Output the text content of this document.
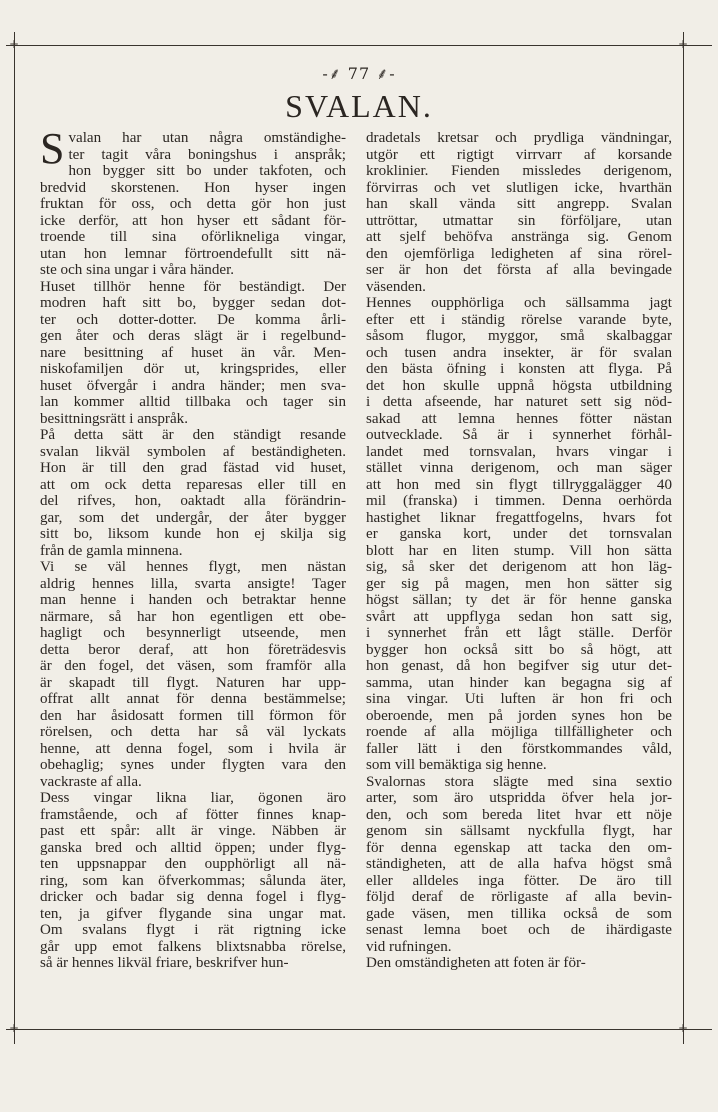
+	+
+	+
-⸙ 77 ⸙-
SVALAN.
S valan har utan några omständighe-
ter tagit våra boningshus i anspråk;
hon bygger sitt bo under takfoten, och
bredvid skorstenen. Hon hyser ingen
fruktan för oss, och detta gör hon just
icke derför, att hon hyser ett sådant för-
troende till sina oförlikneliga vingar,
utan hon lemnar förtroendefullt sitt nä-
ste och sina ungar i våra händer.
Huset tillhör henne för beständigt. Der
modren haft sitt bo, bygger sedan dot-
ter och dotter-dotter. De komma årli-
gen åter och deras slägt är i regelbund-
nare besittning af huset än vår. Men-
niskofamiljen dör ut, kringsprides, eller
huset öfvergår i andra händer; men sva-
lan kommer alltid tillbaka och tager sin
besittningsrätt i anspråk.
På detta sätt är den ständigt resande
svalan likväl symbolen af beständigheten.
Hon är till den grad fästad vid huset,
att om ock detta reparesas eller till en
del rifves, hon, oaktadt alla förändrin-
gar, som det undergår, der åter bygger
sitt bo, liksom kunde hon ej skilja sig
från de gamla minnena.
Vi se väl hennes flygt, men nästan
aldrig hennes lilla, svarta ansigte! Tager
man henne i handen och betraktar henne
närmare, så har hon egentligen ett obe-
hagligt och besynnerligt utseende, men
detta beror deraf, att hon företrädesvis
är den fogel, det väsen, som framför alla
är skapadt till flygt. Naturen har upp-
offrat allt annat för denna bestämmelse;
den har åsidosatt formen till förmon för
rörelsen, och detta har så väl lyckats
henne, att denna fogel, som i hvila är
obehaglig; synes under flygten vara den
vackraste af alla.
Dess vingar likna liar, ögonen äro
framstående, och af fötter finnes knap-
past ett spår: allt är vinge. Näbben är
ganska bred och alltid öppen; under flyg-
ten uppsnappar den oupphörligt all nä-
ring, som kan öfverkommas; sålunda äter,
dricker och badar sig denna fogel i flyg-
ten, ja gifver flygande sina ungar mat.
Om svalans flygt i rät rigtning icke
går upp emot falkens blixtsnabba rörelse,
så är hennes likväl friare, beskrifver hun-
dradetals kretsar och prydliga vändningar,
utgör ett rigtigt virrvarr af korsande
kroklinier. Fienden missledes derigenom,
förvirras och vet slutligen icke, hvarthän
han skall vända sitt angrepp. Svalan
uttröttar, utmattar sin förföljare, utan
att sjelf behöfva anstränga sig. Genom
den ojemförliga ledigheten af sina rörel-
ser är hon det första af alla bevingade
väsenden.
Hennes oupphörliga och sällsamma jagt
efter ett i ständig rörelse varande byte,
såsom flugor, myggor, små skalbaggar
och tusen andra insekter, är för svalan
den bästa öfning i konsten att flyga. På
det hon skulle uppnå högsta utbildning
i detta afseende, har naturet sett sig nöd-
sakad att lemna hennes fötter nästan
outvecklade. Så är i synnerhet förhål-
landet med tornsvalan, hvars vingar i
stället vinna derigenom, och man säger
att hon med sin flygt tillryggalägger 40
mil (franska) i timmen. Denna oerhörda
hastighet liknar fregattfogelns, hvars fot
er ganska kort, under det tornsvalan
blott har en liten stump. Vill hon sätta
sig, så sker det derigenom att hon läg-
ger sig på magen, men hon sätter sig
högst sällan; ty det är för henne ganska
svårt att uppflyga sedan hon satt sig,
i synnerhet från ett lågt ställe. Derför
bygger hon också sitt bo så högt, att
hon genast, då hon begifver sig utur det-
samma, utan hinder kan begagna sig af
sina vingar. Uti luften är hon fri och
oberoende, men på jorden synes hon be
roende af alla möjliga tillfälligheter och
faller lätt i den förstkommandes våld,
som vill bemäktiga sig henne.
Svalornas stora slägte med sina sextio
arter, som äro utspridda öfver hela jor-
den, och som bereda litet hvar ett nöje
genom sin sällsamt nyckfulla flygt, har
för denna egenskap att tacka den om-
ständigheten, att de alla hafva högst små
eller alldeles inga fötter. De äro till
följd deraf de rörligaste af alla bevin-
gade väsen, men tillika också de som
senast lemna boet och de ihärdigaste
vid rufningen.
Den omständigheten att foten är för-
